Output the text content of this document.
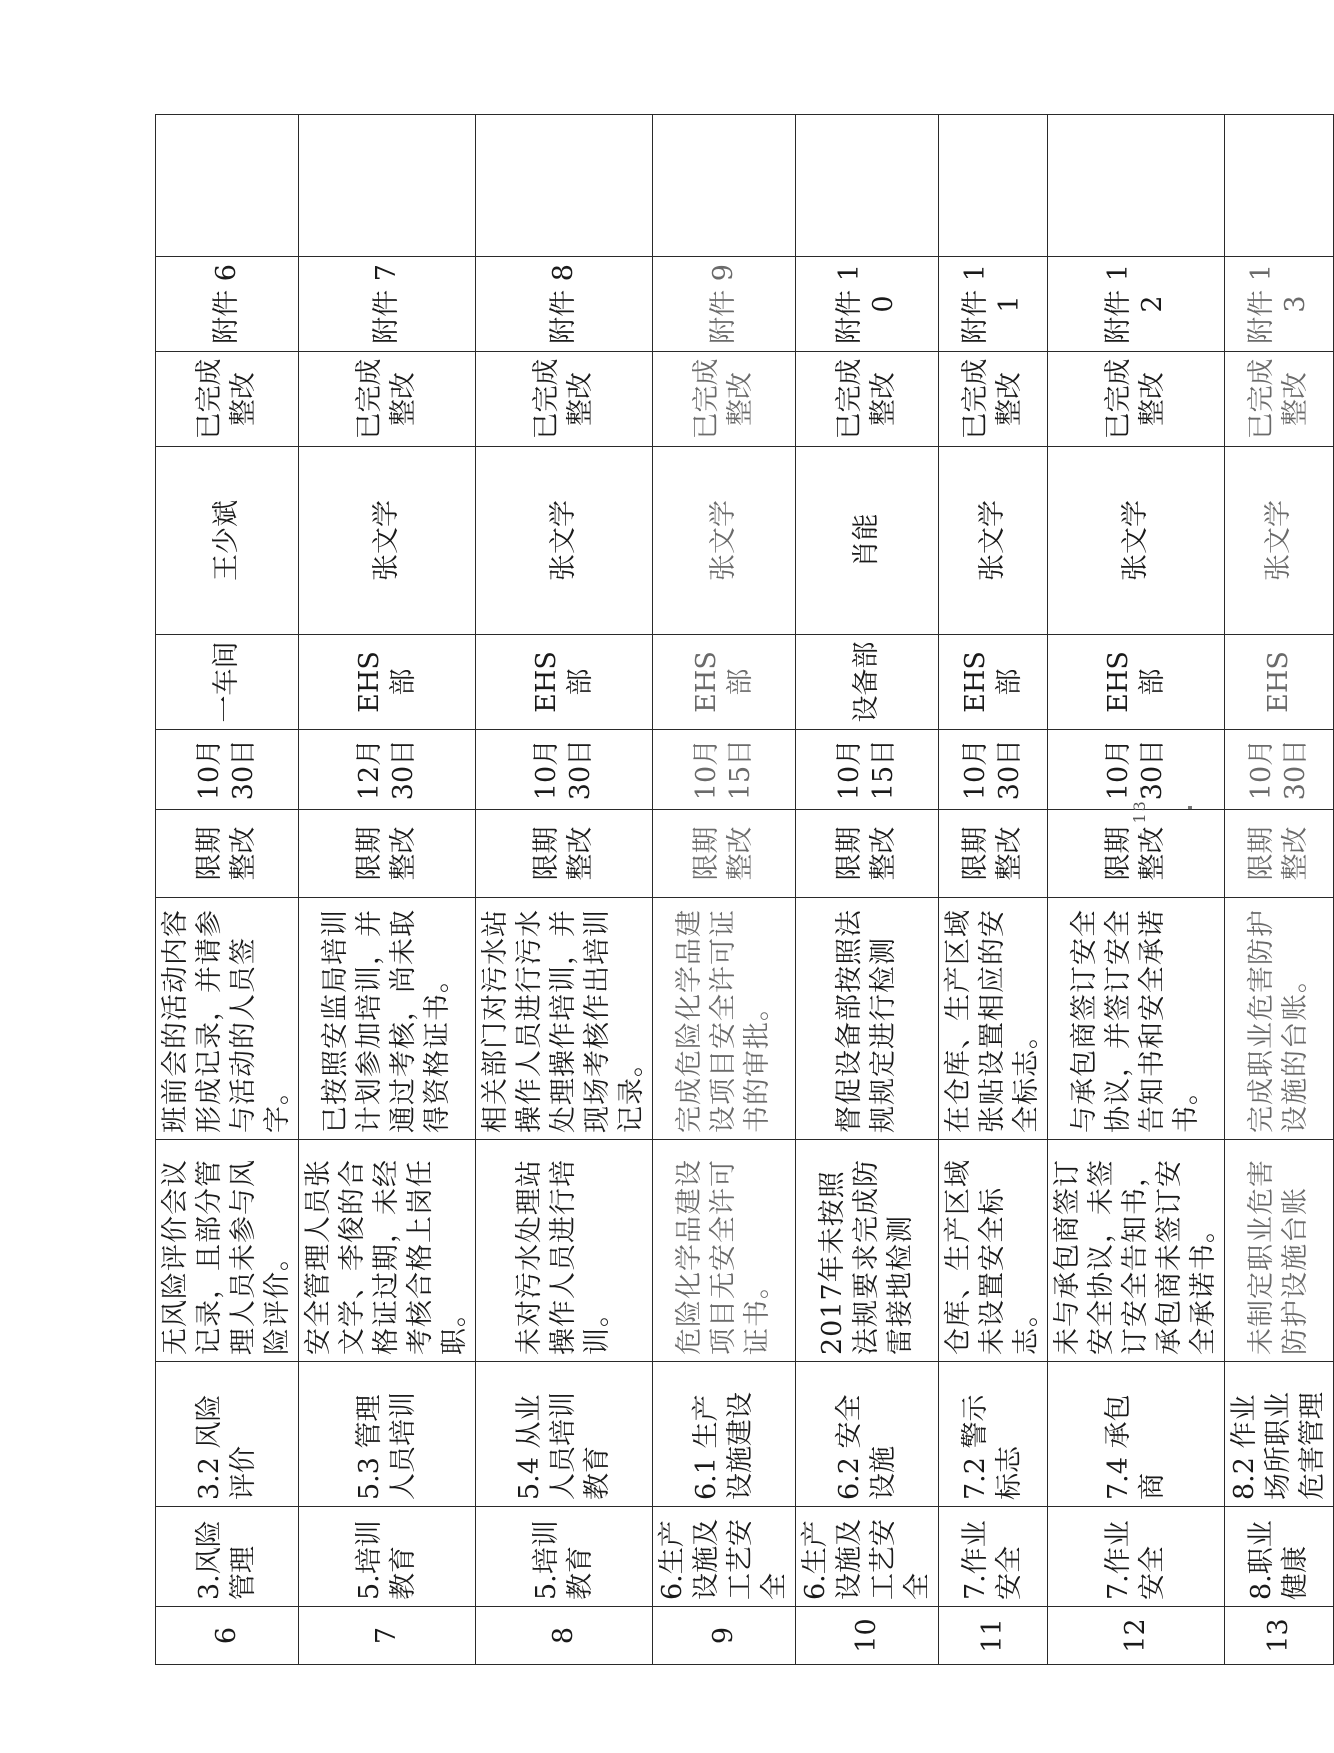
6	3.风险管理	3.2 风险评价	无风险评价会议记录，且部分管理人员未参与风险评价。	班前会的活动内容形成记录，并请参与活动的人员签字。	限期整改	10月30日	一车间	王少斌	已完成整改	附件 6	
7	5.培训教育	5.3 管理人员培训	安全管理人员张文学、李俊的合格证过期，未经考核合格上岗任职。	已按照安监局培训计划参加培训，并通过考核，尚未取得资格证书。	限期整改	12月30日	EHS 部	张文学	已完成整改	附件 7	
8	5.培训教育	5.4 从业人员培训教育	未对污水处理站操作人员进行培训。	相关部门对污水站操作人员进行污水处理操作培训，并现场考核作出培训记录。	限期整改	10月30日	EHS 部	张文学	已完成整改	附件 8	
9	6.生产设施及工艺安全	6.1 生产设施建设	危险化学品建设项目无安全许可证书。	完成危险化学品建设项目安全许可证书的审批。	限期整改	10月15日	EHS 部	张文学	已完成整改	附件 9	
10	6.生产设施及工艺安全	6.2 安全设施	2017年未按照法规要求完成防雷接地检测	督促设备部按照法规规定进行检测	限期整改	10月15日	设备部	肖能	已完成整改	附件 10	
11	7.作业安全	7.2 警示标志	仓库、生产区域未设置安全标志。	在仓库、生产区域张贴设置相应的安全标志。	限期整改	10月30日	EHS 部	张文学	已完成整改	附件 11	
12	7.作业安全	7.4 承包商	未与承包商签订安全协议，未签订安全告知书，承包商未签订安全承诺书。	与承包商签订安全协议，并签订安全告知书和安全承诺书。	限期整改	10月30日	EHS 部	张文学	已完成整改	附件 12	
13	8.职业健康	8.2 作业场所职业危害管理	未制定职业危害防护设施台账	完成职业危害防护设施的台账。	限期整改	10月30日	EHS	张文学	已完成整改	附件 13	
- 13 -
